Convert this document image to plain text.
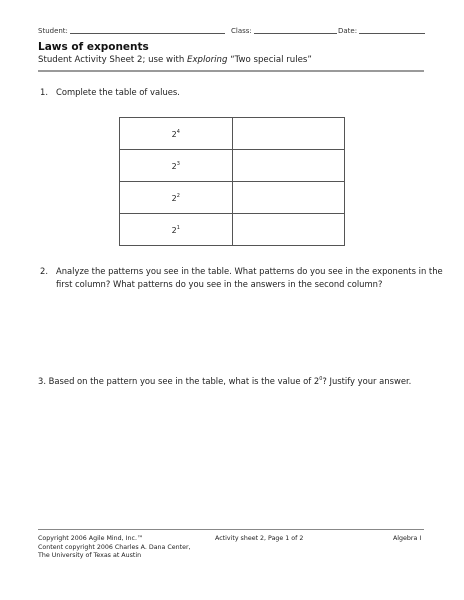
Student:	Class:	Date:
Laws of exponents
Student Activity Sheet 2; use with Exploring “Two special rules”
1. Complete the table of values.
$2^4$	
$2^3$	
$2^2$	
$2^1$	
2. Analyze the patterns you see in the table. What patterns do you see in the exponents in the first column? What patterns do you see in the answers in the second column?
3. Based on the pattern you see in the table, what is the value of $2^0$? Justify your answer.
Copyright 2006 Agile Mind, Inc.™
Content copyright 2006 Charles A. Dana Center,
The University of Texas at Austin
Activity sheet 2, Page 1 of 2	Algebra I
